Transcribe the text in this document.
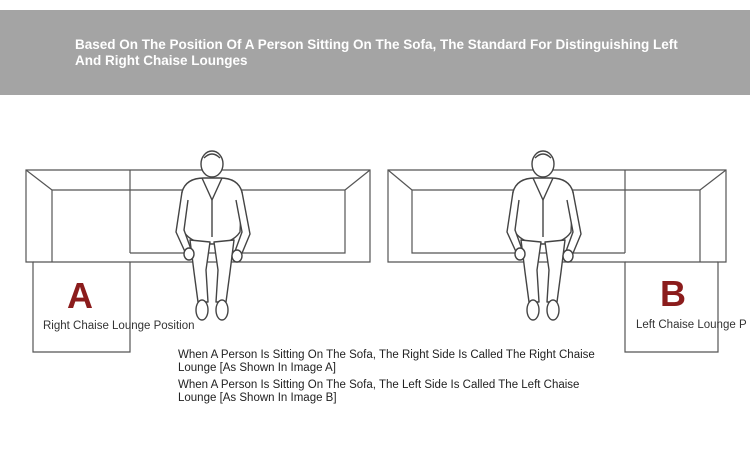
Based On The Position Of A Person Sitting On The Sofa, The Standard For Distinguishing Left And Right Chaise Lounges
A	B
Right Chaise Lounge Position	Left Chaise Lounge P
When A Person Is Sitting On The Sofa, The Right Side Is Called The Right Chaise Lounge [As Shown In Image A]
When A Person Is Sitting On The Sofa, The Left Side Is Called The Left Chaise Lounge [As Shown In Image B]
